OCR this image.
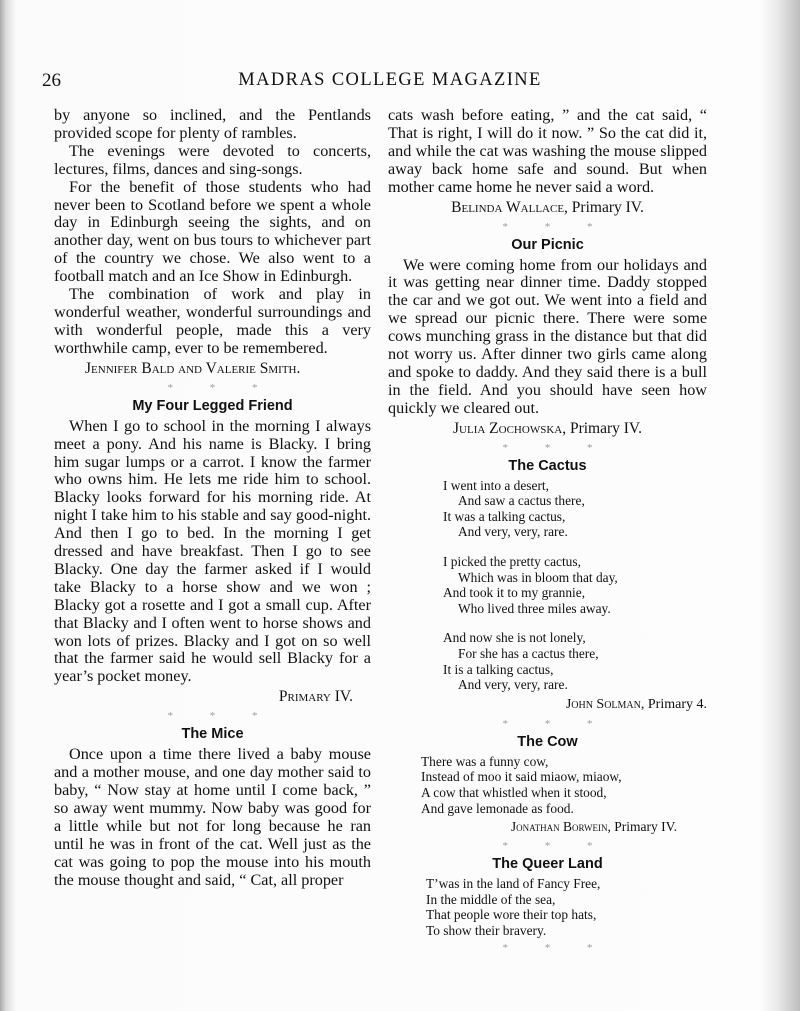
26	MADRAS COLLEGE MAGAZINE

by anyone so inclined, and the Pentlands provided scope for plenty of rambles.

The evenings were devoted to concerts, lectures, films, dances and sing-songs.

For the benefit of those students who had never been to Scotland before we spent a whole day in Edinburgh seeing the sights, and on another day, went on bus tours to whichever part of the country we chose. We also went to a football match and an Ice Show in Edinburgh.

The combination of work and play in wonderful weather, wonderful surroundings and with wonderful people, made this a very worthwhile camp, ever to be remembered.

Jennifer Bald and Valerie Smith.
* * *
My Four Legged Friend

When I go to school in the morning I always meet a pony. And his name is Blacky. I bring him sugar lumps or a carrot. I know the farmer who owns him. He lets me ride him to school. Blacky looks forward for his morning ride. At night I take him to his stable and say good-night. And then I go to bed. In the morning I get dressed and have breakfast. Then I go to see Blacky. One day the farmer asked if I would take Blacky to a horse show and we won ; Blacky got a rosette and I got a small cup. After that Blacky and I often went to horse shows and won lots of prizes. Blacky and I got on so well that the farmer said he would sell Blacky for a year’s pocket money.

Primary IV.
* * *
The Mice

Once upon a time there lived a baby mouse and a mother mouse, and one day mother said to baby, “ Now stay at home until I come back, ” so away went mummy. Now baby was good for a little while but not for long because he ran until he was in front of the cat. Well just as the cat was going to pop the mouse into his mouth the mouse thought and said, “ Cat, all proper

cats wash before eating, ” and the cat said, “ That is right, I will do it now. ” So the cat did it, and while the cat was washing the mouse slipped away back home safe and sound. But when mother came home he never said a word.

Belinda Wallace, Primary IV.
* * *
Our Picnic

We were coming home from our holidays and it was getting near dinner time. Daddy stopped the car and we got out. We went into a field and we spread our picnic there. There were some cows munching grass in the distance but that did not worry us. After dinner two girls came along and spoke to daddy. And they said there is a bull in the field. And you should have seen how quickly we cleared out.

Julia Zochowska, Primary IV.
* * *
The Cactus
I went into a desert,
And saw a cactus there,
It was a talking cactus,
And very, very, rare.
I picked the pretty cactus,
Which was in bloom that day,
And took it to my grannie,
Who lived three miles away.
And now she is not lonely,
For she has a cactus there,
It is a talking cactus,
And very, very, rare.
John Solman, Primary 4.
* * *
The Cow
There was a funny cow,
Instead of moo it said miaow, miaow,
A cow that whistled when it stood,
And gave lemonade as food.
Jonathan Borwein, Primary IV.
* * *
The Queer Land
T’was in the land of Fancy Free,
In the middle of the sea,
That people wore their top hats,
To show their bravery.
* * *
